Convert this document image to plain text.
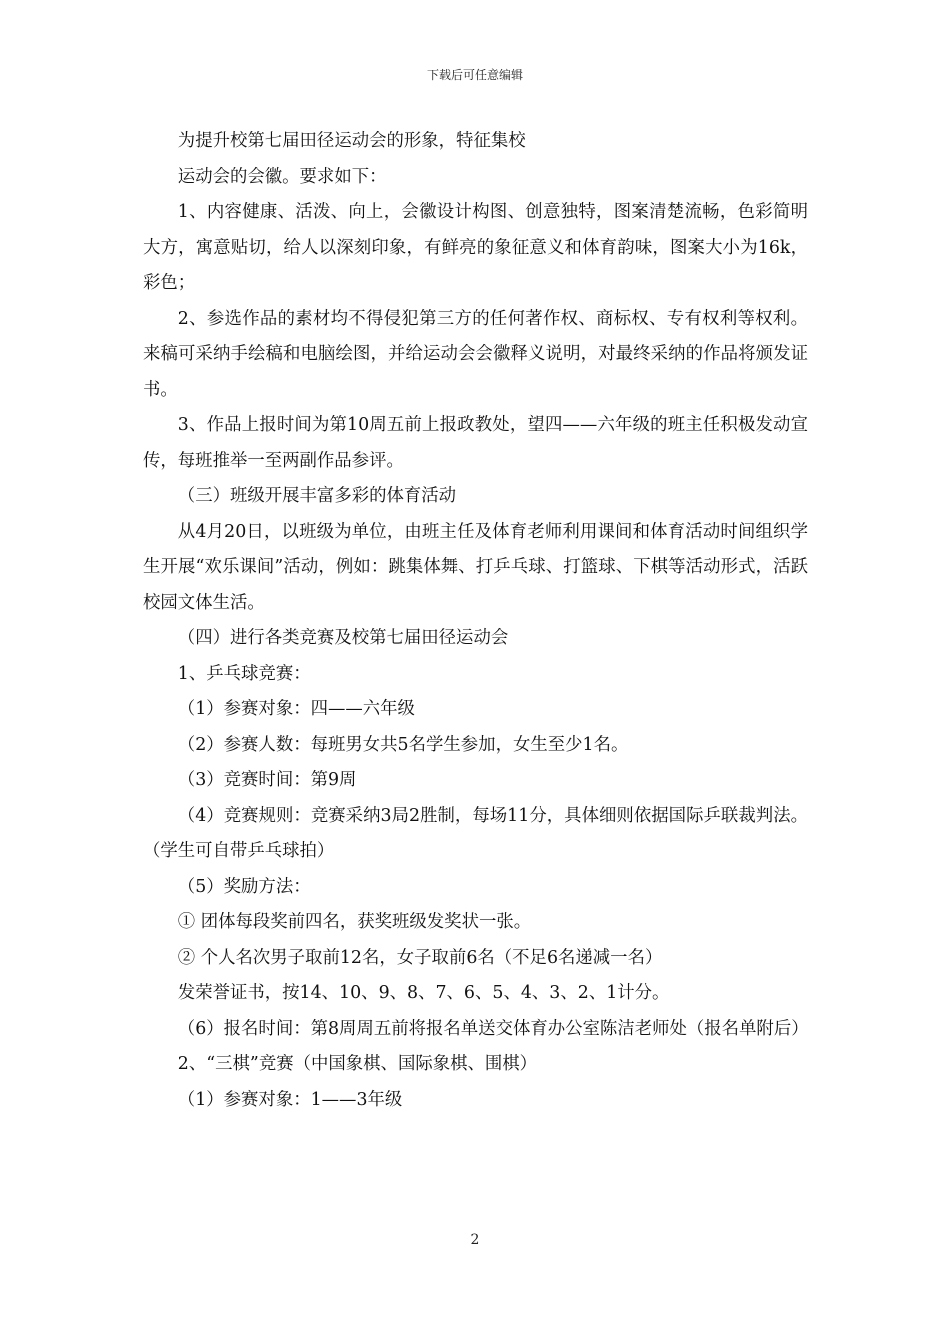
下载后可任意编辑

为提升校第七届田径运动会的形象，特征集校

运动会的会徽。要求如下：

1、内容健康、活泼、向上，会徽设计构图、创意独特，图案清楚流畅，色彩简明大方，寓意贴切，给人以深刻印象，有鲜亮的象征意义和体育韵味，图案大小为16k，彩色；

2、参选作品的素材均不得侵犯第三方的任何著作权、商标权、专有权利等权利。来稿可采纳手绘稿和电脑绘图，并给运动会会徽释义说明，对最终采纳的作品将颁发证书。

3、作品上报时间为第10周五前上报政教处，望四——六年级的班主任积极发动宣传，每班推举一至两副作品参评。

（三）班级开展丰富多彩的体育活动

从4月20日，以班级为单位，由班主任及体育老师利用课间和体育活动时间组织学生开展“欢乐课间”活动，例如：跳集体舞、打乒乓球、打篮球、下棋等活动形式，活跃校园文体生活。

（四）进行各类竞赛及校第七届田径运动会

1、乒乓球竞赛：

（1）参赛对象：四——六年级

（2）参赛人数：每班男女共5名学生参加，女生至少1名。

（3）竞赛时间：第9周

（4）竞赛规则：竞赛采纳3局2胜制，每场11分，具体细则依据国际乒联裁判法。（学生可自带乒乓球拍）

（5）奖励方法：

① 团体每段奖前四名，获奖班级发奖状一张。

② 个人名次男子取前12名，女子取前6名（不足6名递减一名）

发荣誉证书，按14、10、9、8、7、6、5、4、3、2、1计分。

（6）报名时间：第8周周五前将报名单送交体育办公室陈洁老师处（报名单附后）

2、“三棋”竞赛（中国象棋、国际象棋、围棋）

（1）参赛对象：1——3年级

2
